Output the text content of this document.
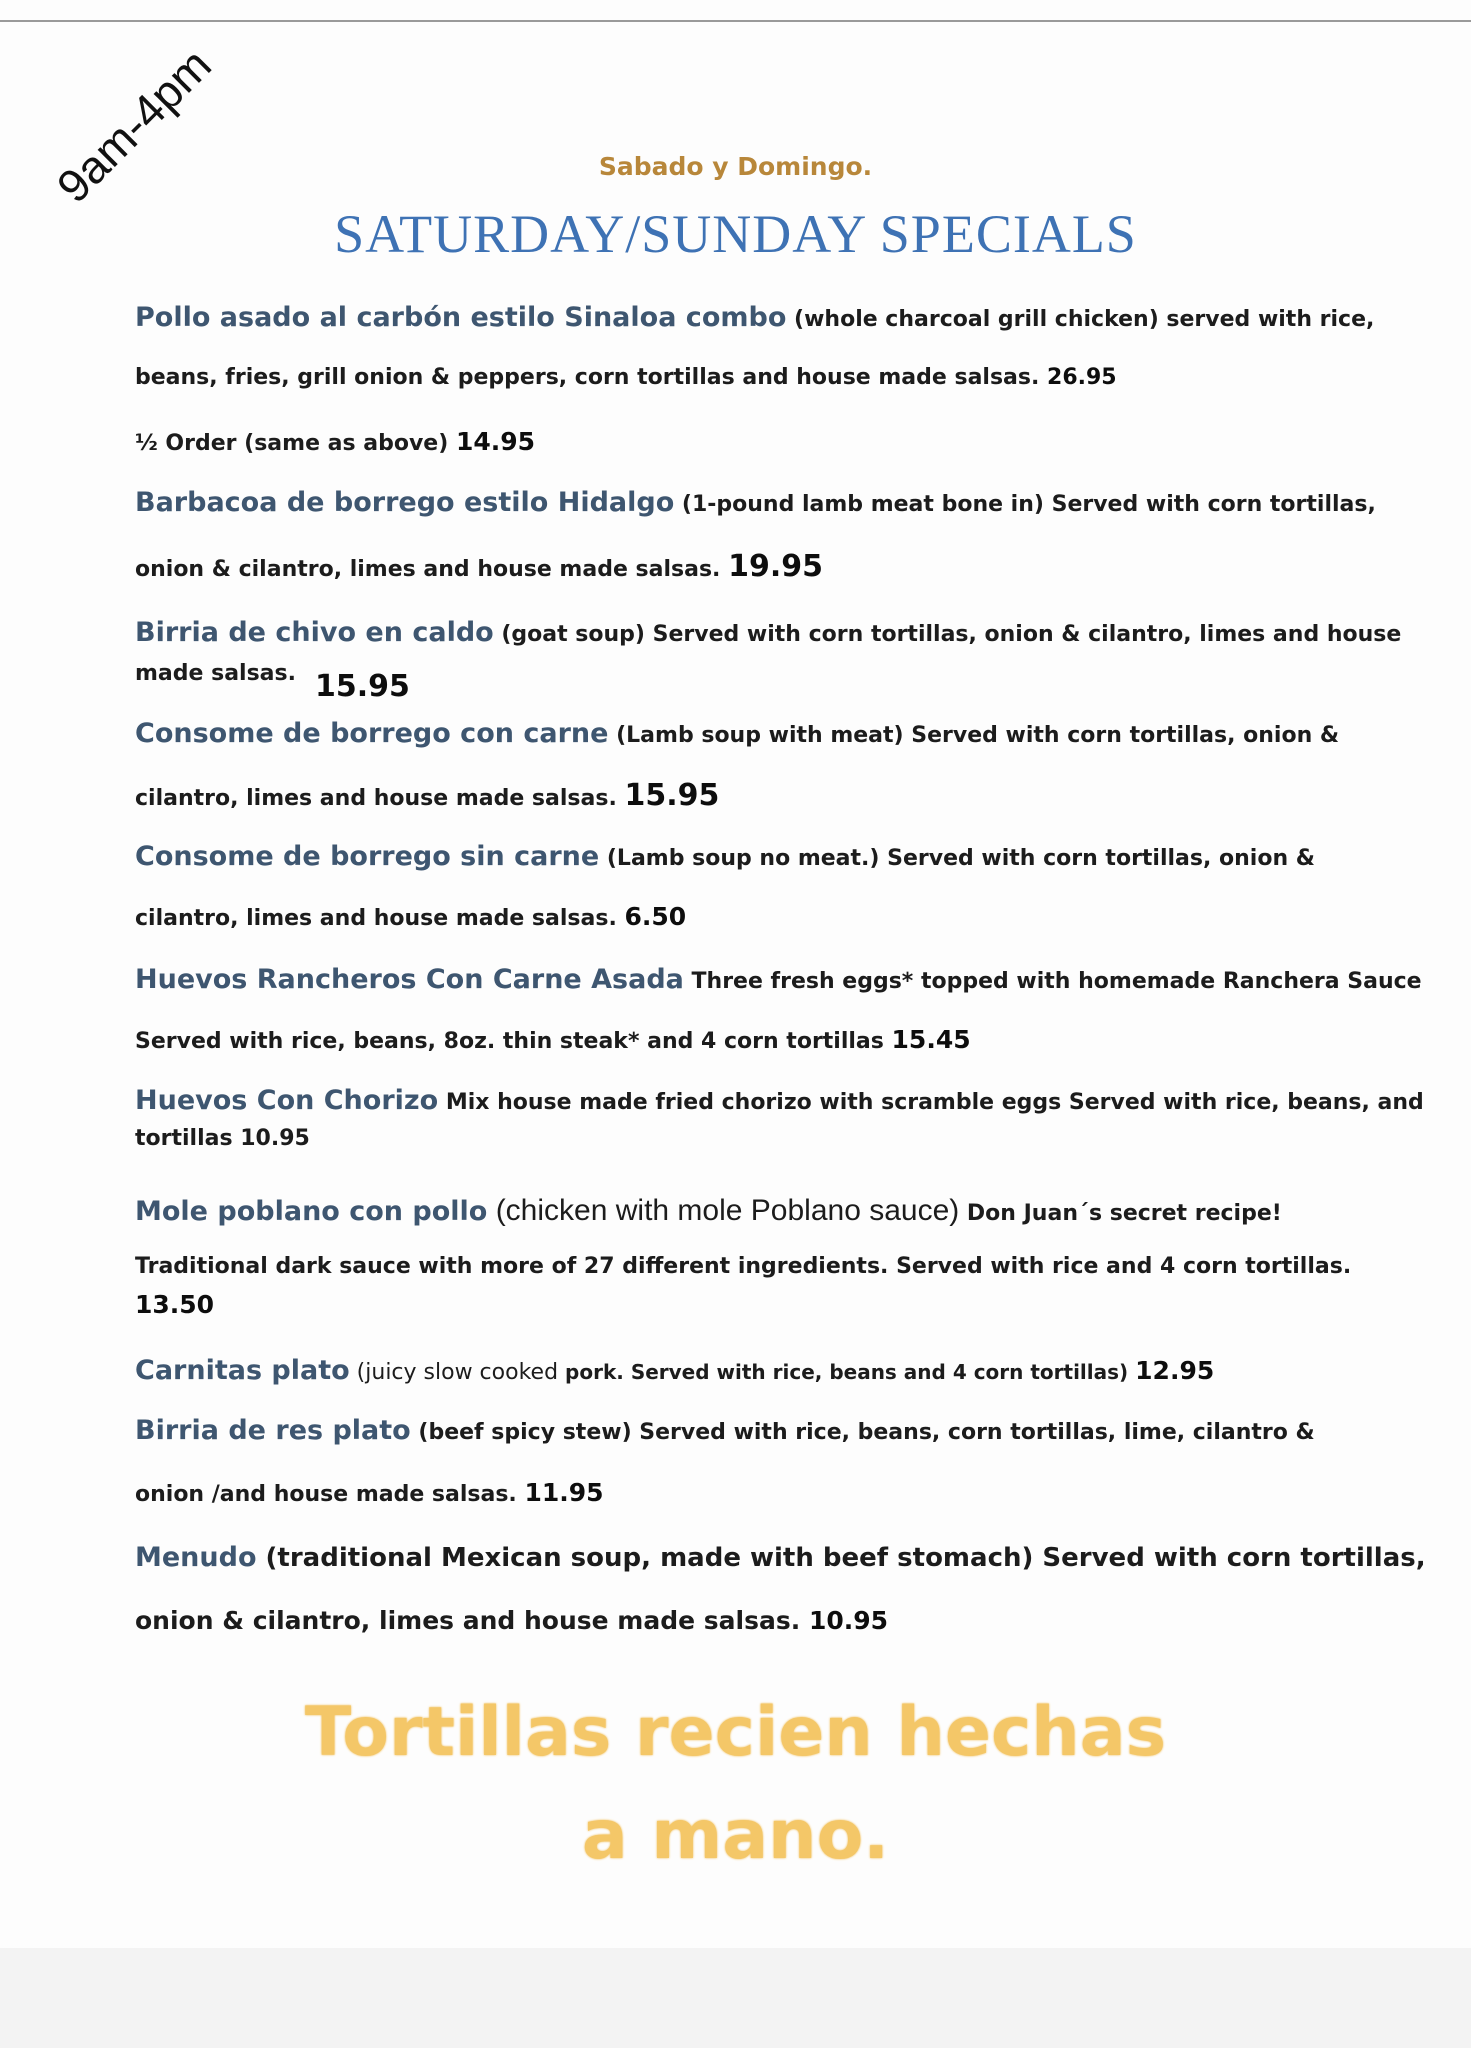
9am-4pm	Sabado y Domingo.
SATURDAY/SUNDAY SPECIALS
Pollo asado al carbón estilo Sinaloa combo (whole charcoal grill chicken) served with rice,
beans, fries, grill onion & peppers, corn tortillas and house made salsas. 26.95
½ Order (same as above) 14.95
Barbacoa de borrego estilo Hidalgo (1-pound lamb meat bone in) Served with corn tortillas,
onion & cilantro, limes and house made salsas. 19.95
Birria de chivo en caldo (goat soup) Served with corn tortillas, onion & cilantro, limes and house
made salsas. 15.95
Consome de borrego con carne (Lamb soup with meat) Served with corn tortillas, onion &
cilantro, limes and house made salsas. 15.95
Consome de borrego sin carne (Lamb soup no meat.) Served with corn tortillas, onion &
cilantro, limes and house made salsas. 6.50
Huevos Rancheros Con Carne Asada Three fresh eggs* topped with homemade Ranchera Sauce
Served with rice, beans, 8oz. thin steak* and 4 corn tortillas 15.45
Huevos Con Chorizo Mix house made fried chorizo with scramble eggs Served with rice, beans, and
tortillas 10.95
Mole poblano con pollo (chicken with mole Poblano sauce) Don Juan´s secret recipe!
Traditional dark sauce with more of 27 different ingredients. Served with rice and 4 corn tortillas.
13.50
Carnitas plato (juicy slow cooked pork. Served with rice, beans and 4 corn tortillas) 12.95
Birria de res plato (beef spicy stew) Served with rice, beans, corn tortillas, lime, cilantro &
onion /and house made salsas. 11.95
Menudo (traditional Mexican soup, made with beef stomach) Served with corn tortillas,
onion & cilantro, limes and house made salsas. 10.95
Tortillas recien hechas
a mano.
